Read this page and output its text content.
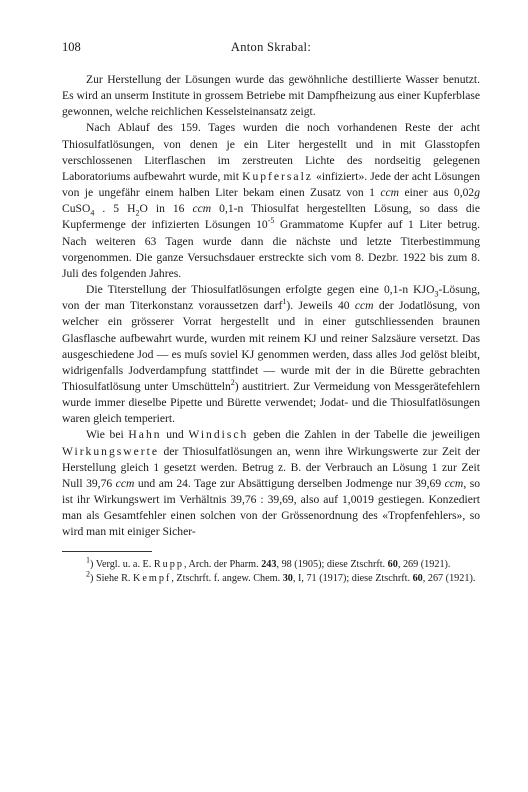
108	Anton Skrabal:

Zur Herstellung der Lösungen wurde das gewöhnliche destillierte Wasser benutzt. Es wird an unserm Institute in grossem Betriebe mit Dampfheizung aus einer Kupferblase gewonnen, welche reichlichen Kesselsteinansatz zeigt.

Nach Ablauf des 159. Tages wurden die noch vorhandenen Reste der acht Thiosulfatlösungen, von denen je ein Liter hergestellt und in mit Glasstopfen verschlossenen Literflaschen im zerstreuten Lichte des nordseitig gelegenen Laboratoriums aufbewahrt wurde, mit Kupfersalz «infiziert». Jede der acht Lösungen von je ungefähr einem halben Liter bekam einen Zusatz von 1 ccm einer aus 0,02g CuSO$_4$ . 5 $H_2O$ in 16 ccm 0,1-n Thiosulfat hergestellten Lösung, so dass die Kupfermenge der infizierten Lösungen $10^{-5}$ Grammatome Kupfer auf 1 Liter betrug. Nach weiteren 63 Tagen wurde dann die nächste und letzte Titerbestimmung vorgenommen. Die ganze Versuchsdauer erstreckte sich vom 8. Dezbr. 1922 bis zum 8. Juli des folgenden Jahres.

Die Titerstellung der Thiosulfatlösungen erfolgte gegen eine 0,1-n $KJO_3$-Lösung, von der man Titerkonstanz voraussetzen darf$^1$). Jeweils 40 ccm der Jodatlösung, von welcher ein grösserer Vorrat hergestellt und in einer gutschliessenden braunen Glasflasche aufbewahrt wurde, wurden mit reinem KJ und reiner Salzsäure versetzt. Das ausgeschiedene Jod — es muſs soviel KJ genommen werden, dass alles Jod gelöst bleibt, widrigenfalls Jodverdampfung stattfindet — wurde mit der in die Bürette gebrachten Thiosulfatlösung unter Umschütteln$^2$) austitriert. Zur Vermeidung von Messgerätefehlern wurde immer dieselbe Pipette und Bürette verwendet; Jodat- und die Thiosulfatlösungen waren gleich temperiert.

Wie bei Hahn und Windisch geben die Zahlen in der Tabelle die jeweiligen Wirkungswerte der Thiosulfatlösungen an, wenn ihre Wirkungswerte zur Zeit der Herstellung gleich 1 gesetzt werden. Betrug z. B. der Verbrauch an Lösung 1 zur Zeit Null 39,76 ccm und am 24. Tage zur Absättigung derselben Jodmenge nur 39,69 ccm, so ist ihr Wirkungswert im Verhältnis 39,76 : 39,69, also auf 1,0019 gestiegen. Konzediert man als Gesamtfehler einen solchen von der Grössenordnung des «Tropfenfehlers», so wird man mit einiger Sicher-

$^1$) Vergl. u. a. E. Rupp, Arch. der Pharm. 243, 98 (1905); diese Ztschrft. 60, 269 (1921).

$^2$) Siehe R. Kempf, Ztschrft. f. angew. Chem. 30, I, 71 (1917); diese Ztschrft. 60, 267 (1921).
